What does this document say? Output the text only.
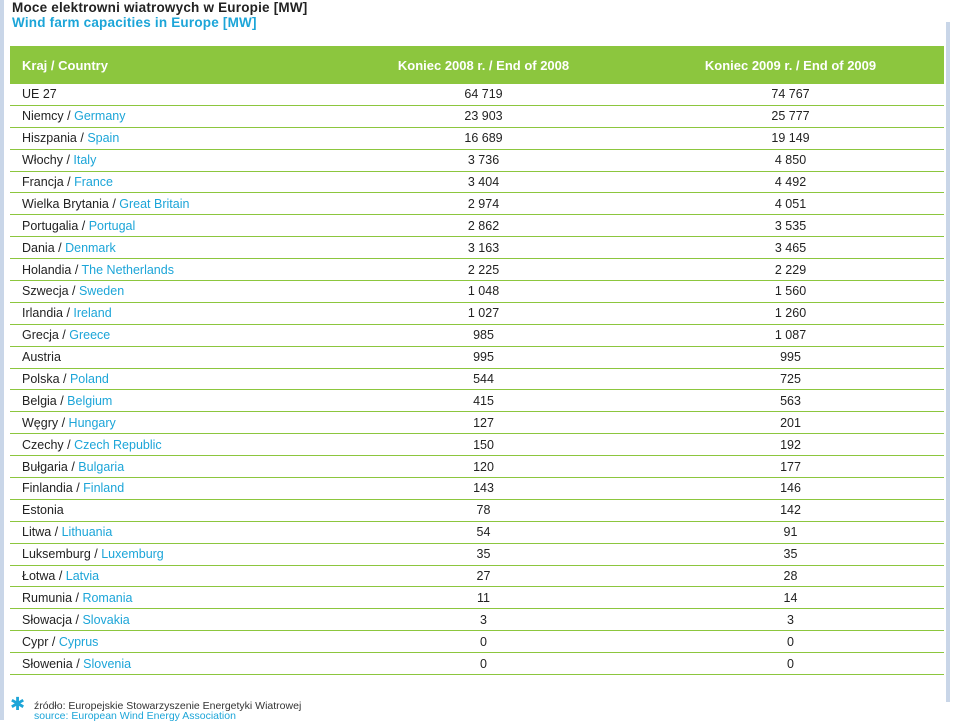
Moce elektrowni wiatrowych w Europie [MW]
Wind farm capacities in Europe [MW]
Kraj / Country	Koniec 2008 r. / End of 2008	Koniec 2009 r. / End of 2009
UE 27	64 719	74 767
Niemcy / Germany	23 903	25 777
Hiszpania / Spain	16 689	19 149
Włochy / Italy	3 736	4 850
Francja / France	3 404	4 492
Wielka Brytania / Great Britain	2 974	4 051
Portugalia / Portugal	2 862	3 535
Dania / Denmark	3 163	3 465
Holandia / The Netherlands	2 225	2 229
Szwecja / Sweden	1 048	1 560
Irlandia / Ireland	1 027	1 260
Grecja / Greece	985	1 087
Austria	995	995
Polska / Poland	544	725
Belgia / Belgium	415	563
Węgry / Hungary	127	201
Czechy / Czech Republic	150	192
Bułgaria / Bulgaria	120	177
Finlandia / Finland	143	146
Estonia	78	142
Litwa / Lithuania	54	91
Luksemburg / Luxemburg	35	35
Łotwa / Latvia	27	28
Rumunia / Romania	11	14
Słowacja / Slovakia	3	3
Cypr / Cyprus	0	0
Słowenia / Slovenia	0	0
✱ źródło: Europejskie Stowarzyszenie Energetyki Wiatrowej
source: European Wind Energy Association
